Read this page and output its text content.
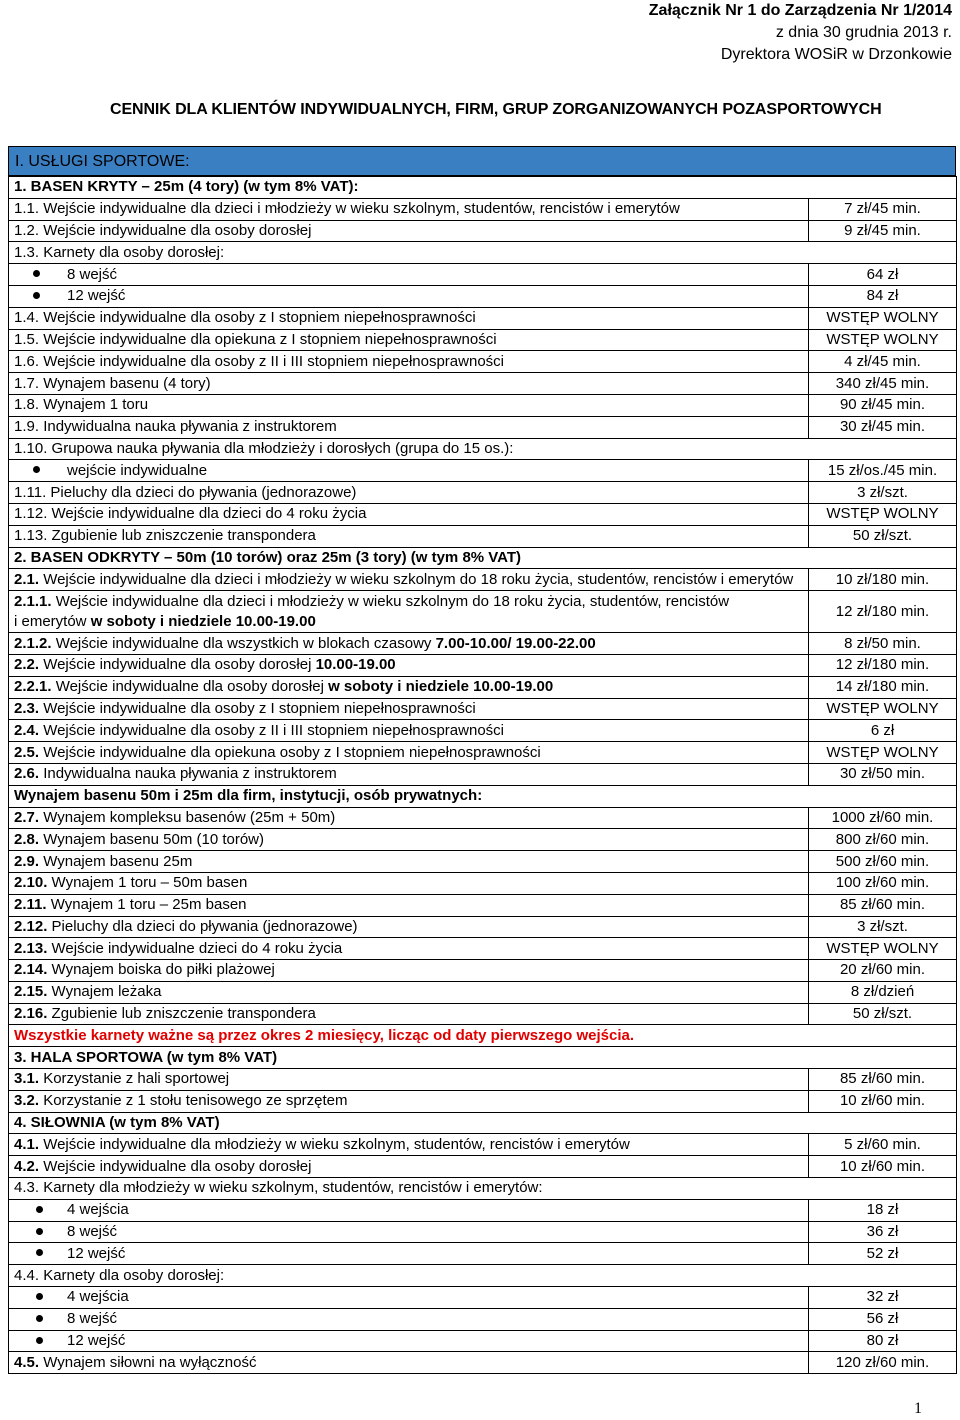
Załącznik Nr 1 do Zarządzenia Nr 1/2014
z dnia 30 grudnia 2013 r.
Dyrektora WOSiR w Drzonkowie
CENNIK DLA KLIENTÓW INDYWIDUALNYCH, FIRM, GRUP ZORGANIZOWANYCH POZASPORTOWYCH
I. USŁUGI SPORTOWE:
1. BASEN KRYTY – 25m (4 tory) (w tym 8% VAT):	
1.1. Wejście indywidualne dla dzieci i młodzieży w wieku szkolnym, studentów, rencistów i emerytów	7 zł/45 min.
1.2. Wejście indywidualne dla osoby dorosłej	9 zł/45 min.
1.3. Karnety dla osoby dorosłej:	
8 wejść	64 zł
12 wejść	84 zł
1.4. Wejście indywidualne dla osoby z I stopniem niepełnosprawności	WSTĘP WOLNY
1.5. Wejście indywidualne dla opiekuna z I stopniem niepełnosprawności	WSTĘP WOLNY
1.6. Wejście indywidualne dla osoby z II i III stopniem niepełnosprawności	4 zł/45 min.
1.7. Wynajem basenu (4 tory)	340 zł/45 min.
1.8. Wynajem 1 toru	90 zł/45 min.
1.9. Indywidualna nauka pływania z instruktorem	30 zł/45 min.
1.10. Grupowa nauka pływania dla młodzieży i dorosłych (grupa do 15 os.):	
wejście indywidualne	15 zł/os./45 min.
1.11. Pieluchy dla dzieci do pływania (jednorazowe)	3 zł/szt.
1.12. Wejście indywidualne dla dzieci do 4 roku życia	WSTĘP WOLNY
1.13. Zgubienie lub zniszczenie transpondera	50 zł/szt.
2. BASEN ODKRYTY – 50m (10 torów) oraz 25m (3 tory) (w tym 8% VAT)	
2.1. Wejście indywidualne dla dzieci i młodzieży w wieku szkolnym do 18 roku życia, studentów, rencistów i emerytów	10 zł/180 min.

2.1.1. Wejście indywidualne dla dzieci i młodzieży w wieku szkolnym do 18 roku życia, studentów, rencistów
i emerytów w soboty i niedziele 10.00-19.00	12 zł/180 min.
2.1.2. Wejście indywidualne dla wszystkich w blokach czasowy 7.00-10.00/ 19.00-22.00	8 zł/50 min.
2.2. Wejście indywidualne dla osoby dorosłej 10.00-19.00	12 zł/180 min.
2.2.1. Wejście indywidualne dla osoby dorosłej w soboty i niedziele 10.00-19.00	14 zł/180 min.
2.3. Wejście indywidualne dla osoby z I stopniem niepełnosprawności	WSTĘP WOLNY
2.4. Wejście indywidualne dla osoby z II i III stopniem niepełnosprawności	6 zł
2.5. Wejście indywidualne dla opiekuna osoby z I stopniem niepełnosprawności	WSTĘP WOLNY
2.6. Indywidualna nauka pływania z instruktorem	30 zł/50 min.
Wynajem basenu 50m i 25m dla firm, instytucji, osób prywatnych:	
2.7. Wynajem kompleksu basenów (25m + 50m)	1000 zł/60 min.
2.8. Wynajem basenu 50m (10 torów)	800 zł/60 min.
2.9. Wynajem basenu 25m	500 zł/60 min.
2.10. Wynajem 1 toru – 50m basen	100 zł/60 min.
2.11. Wynajem 1 toru – 25m basen	85 zł/60 min.
2.12. Pieluchy dla dzieci do pływania (jednorazowe)	3 zł/szt.
2.13. Wejście indywidualne dzieci do 4 roku życia	WSTĘP WOLNY
2.14. Wynajem boiska do piłki plażowej	20 zł/60 min.
2.15. Wynajem leżaka	8 zł/dzień
2.16. Zgubienie lub zniszczenie transpondera	50 zł/szt.
Wszystkie karnety ważne są przez okres 2 miesięcy, licząc od daty pierwszego wejścia.	
3. HALA SPORTOWA (w tym 8% VAT)	
3.1. Korzystanie z hali sportowej	85 zł/60 min.
3.2. Korzystanie z 1 stołu tenisowego ze sprzętem	10 zł/60 min.
4. SIŁOWNIA (w tym 8% VAT)	
4.1. Wejście indywidualne dla młodzieży w wieku szkolnym, studentów, rencistów i emerytów	5 zł/60 min.
4.2. Wejście indywidualne dla osoby dorosłej	10 zł/60 min.
4.3. Karnety dla młodzieży w wieku szkolnym, studentów, rencistów i emerytów:	
4 wejścia	18 zł
8 wejść	36 zł
12 wejść	52 zł
4.4. Karnety dla osoby dorosłej:	
4 wejścia	32 zł
8 wejść	56 zł
12 wejść	80 zł
4.5. Wynajem siłowni na wyłączność	120 zł/60 min.
1
